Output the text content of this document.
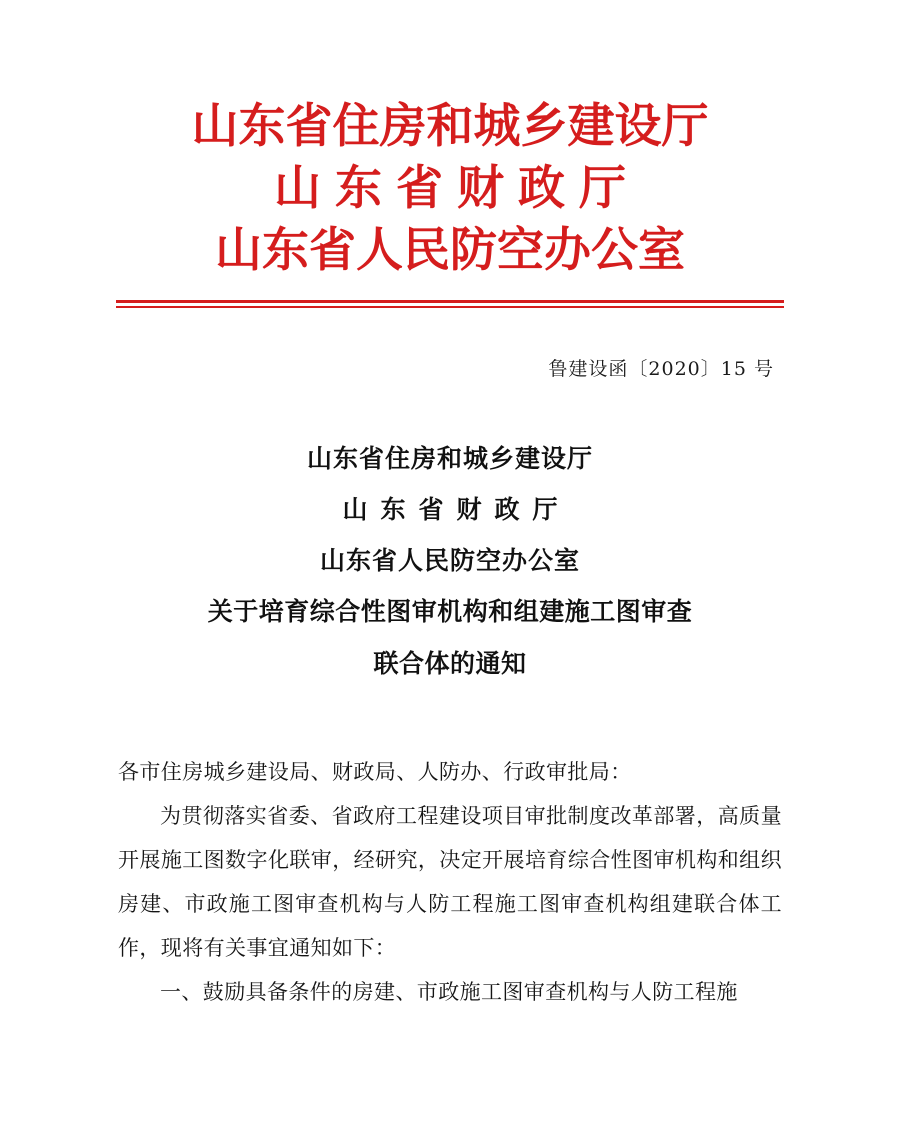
山东省住房和城乡建设厅
山东省财政厅
山东省人民防空办公室
鲁建设函〔2020〕15 号
山东省住房和城乡建设厅
山东省财政厅
山东省人民防空办公室
关于培育综合性图审机构和组建施工图审查
联合体的通知

各市住房城乡建设局、财政局、人防办、行政审批局：

为贯彻落实省委、省政府工程建设项目审批制度改革部署，高质量开展施工图数字化联审，经研究，决定开展培育综合性图审机构和组织房建、市政施工图审查机构与人防工程施工图审查机构组建联合体工作，现将有关事宜通知如下：

一、鼓励具备条件的房建、市政施工图审查机构与人防工程施
